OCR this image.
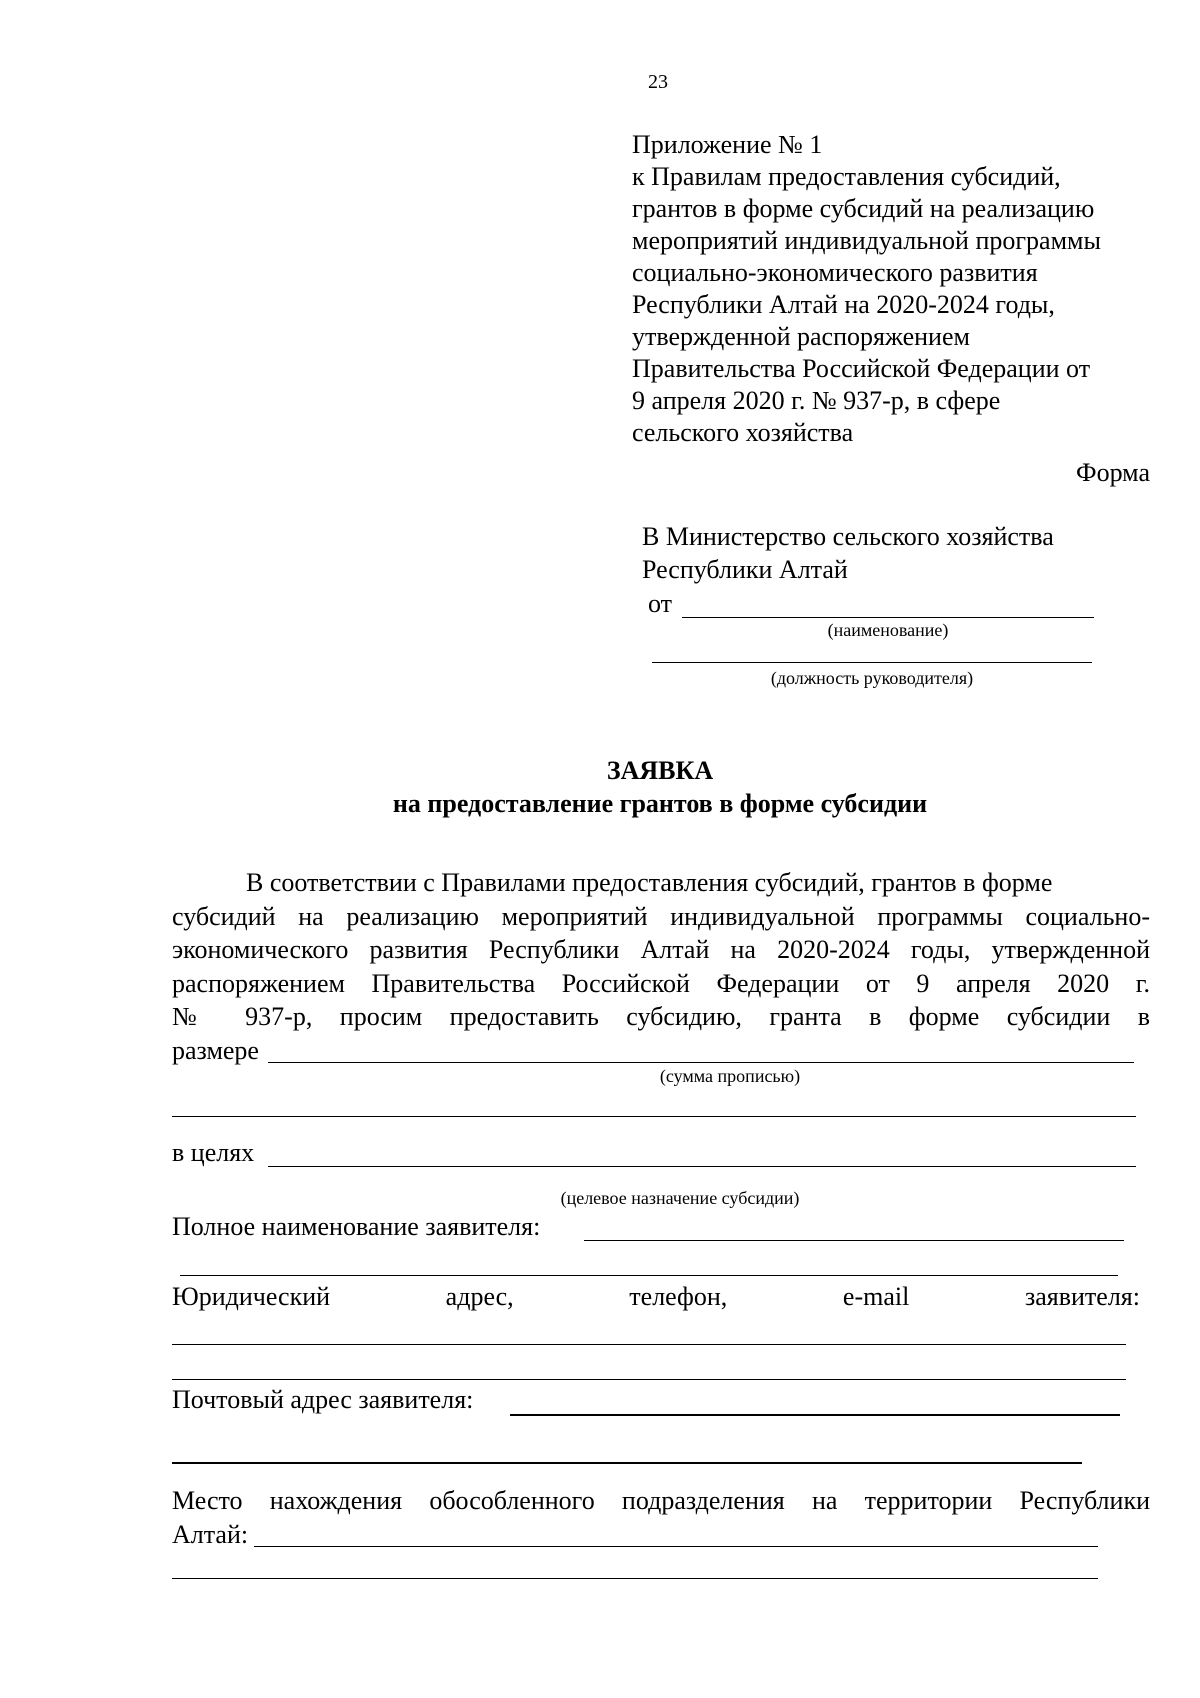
23
Приложение № 1
к Правилам предоставления субсидий,
грантов в форме субсидий на реализацию
мероприятий индивидуальной программы
социально-экономического развития
Республики Алтай на 2020-2024 годы,
утвержденной распоряжением
Правительства Российской Федерации от
9 апреля 2020 г. № 937-р, в сфере
сельского хозяйства
Форма
В Министерство сельского хозяйства
Республики Алтай
от
(наименование)
(должность руководителя)
ЗАЯВКА
на предоставление грантов в форме субсидии
В соответствии с Правилами предоставления субсидий, грантов в форме
субсидий на реализацию мероприятий индивидуальной программы социально-
экономического развития Республики Алтай на 2020-2024 годы, утвержденной
распоряжением Правительства Российской Федерации от 9 апреля 2020 г.
№ 937-р, просим предоставить субсидию, гранта в форме субсидии в
размере
(сумма прописью)
в целях
(целевое назначение субсидии)
Полное наименование заявителя:
Юридический	адрес,	телефон,	e-mail	заявителя:
Почтовый адрес заявителя:
Место нахождения обособленного подразделения на территории Республики
Алтай:
